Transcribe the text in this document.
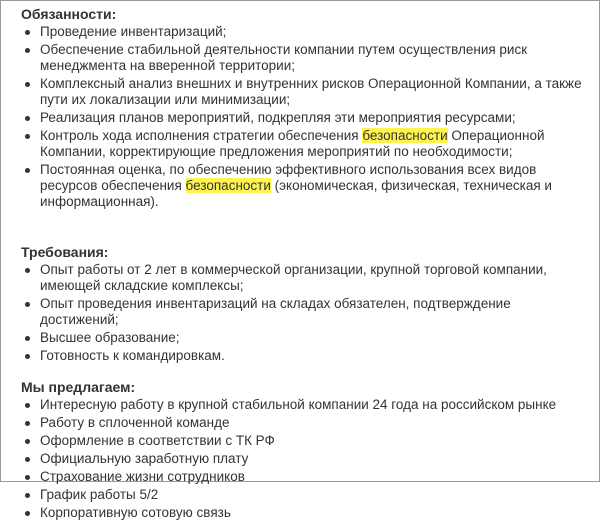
Обязанности:
Проведение инвентаризаций;
Обеспечение стабильной деятельности компании путем осуществления риск менеджмента на вверенной территории;
Комплексный анализ внешних и внутренних рисков Операционной Компании, а также пути их локализации или минимизации;
Реализация планов мероприятий, подкрепляя эти мероприятия ресурсами;
Контроль хода исполнения стратегии обеспечения безопасности Операционной Компании, корректирующие предложения мероприятий по необходимости;
Постоянная оценка, по обеспечению эффективного использования всех видов ресурсов обеспечения безопасности (экономическая, физическая, техническая и информационная).
Требования:
Опыт работы от 2 лет в коммерческой организации, крупной торговой компании, имеющей складские комплексы;
Опыт проведения инвентаризаций на складах обязателен, подтверждение достижений;
Высшее образование;
Готовность к командировкам.
Мы предлагаем:
Интересную работу в крупной стабильной компании 24 года на российском рынке
Работу в сплоченной команде
Оформление в соответствии с ТК РФ
Официальную заработную плату
Страхование жизни сотрудников
График работы 5/2
Корпоративную сотовую связь
